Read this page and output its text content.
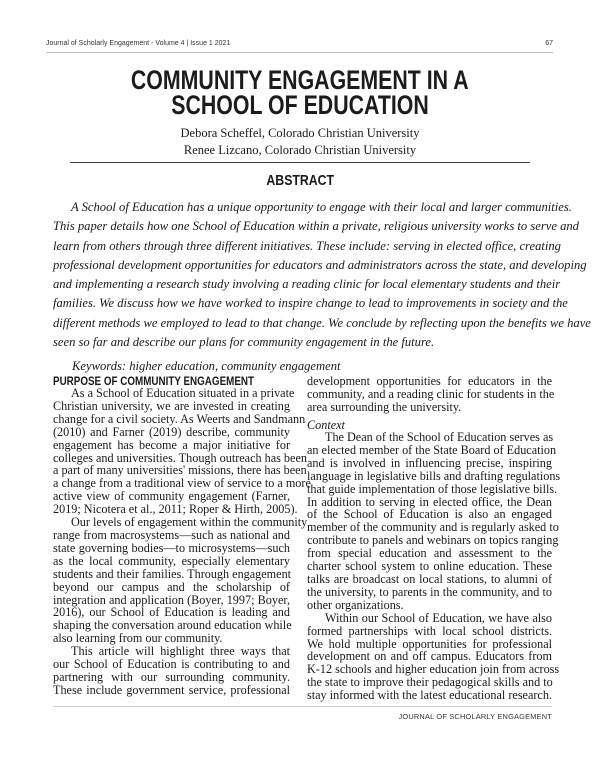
Journal of Scholarly Engagement - Volume 4 | Issue 1 2021	67
COMMUNITY ENGAGEMENT IN A
SCHOOL OF EDUCATION
Debora Scheffel, Colorado Christian University
Renee Lizcano, Colorado Christian University
ABSTRACT
A School of Education has a unique opportunity to engage with their local and larger communities.
This paper details how one School of Education within a private, religious university works to serve and
learn from others through three different initiatives. These include: serving in elected office, creating
professional development opportunities for educators and administrators across the state, and developing
and implementing a research study involving a reading clinic for local elementary students and their
families. We discuss how we have worked to inspire change to lead to improvements in society and the
different methods we employed to lead to that change. We conclude by reflecting upon the benefits we have
seen so far and describe our plans for community engagement in the future.
Keywords: higher education, community engagement
PURPOSE OF COMMUNITY ENGAGEMENT
As a School of Education situated in a private
Christian university, we are invested in creating
change for a civil society. As Weerts and Sandmann
(2010) and Farner (2019) describe, community
engagement has become a major initiative for
colleges and universities. Though outreach has been
a part of many universities' missions, there has been
a change from a traditional view of service to a more
active view of community engagement (Farner,
2019; Nicotera et al., 2011; Roper & Hirth, 2005).
Our levels of engagement within the community
range from macrosystems—such as national and
state governing bodies—to microsystems—such
as the local community, especially elementary
students and their families. Through engagement
beyond our campus and the scholarship of
integration and application (Boyer, 1997; Boyer,
2016), our School of Education is leading and
shaping the conversation around education while
also learning from our community.
This article will highlight three ways that
our School of Education is contributing to and
partnering with our surrounding community.
These include government service, professional
development opportunities for educators in the
community, and a reading clinic for students in the
area surrounding the university.
Context
The Dean of the School of Education serves as
an elected member of the State Board of Education
and is involved in influencing precise, inspiring
language in legislative bills and drafting regulations
that guide implementation of those legislative bills.
In addition to serving in elected office, the Dean
of the School of Education is also an engaged
member of the community and is regularly asked to
contribute to panels and webinars on topics ranging
from special education and assessment to the
charter school system to online education. These
talks are broadcast on local stations, to alumni of
the university, to parents in the community, and to
other organizations.
Within our School of Education, we have also
formed partnerships with local school districts.
We hold multiple opportunities for professional
development on and off campus. Educators from
K-12 schools and higher education join from across
the state to improve their pedagogical skills and to
stay informed with the latest educational research.
JOURNAL OF SCHOLARLY ENGAGEMENT
